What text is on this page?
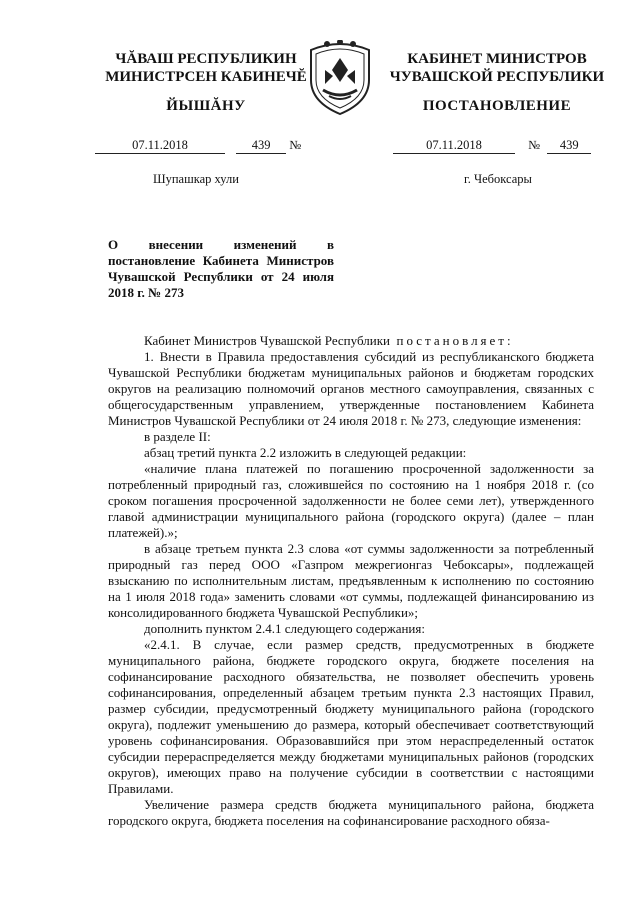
ЧĂВАШ РЕСПУБЛИКИН
МИНИСТРСЕН КАБИНЕЧĔ
ЙЫШĂНУ
КАБИНЕТ МИНИСТРОВ
ЧУВАШСКОЙ РЕСПУБЛИКИ
ПОСТАНОВЛЕНИЕ
07.11.2018	439 №	07.11.2018	№ 439
Шупашкар хули	г. Чебоксары
О внесении изменений в постановление Кабинета Министров Чувашской Республики от 24 июля 2018 г. № 273

Кабинет Министров Чувашской Республики постановляет:

1. Внести в Правила предоставления субсидий из республиканского бюджета Чувашской Республики бюджетам муниципальных районов и бюджетам городских округов на реализацию полномочий органов местного самоуправления, связанных с общегосударственным управлением, утвержденные постановлением Кабинета Министров Чувашской Республики от 24 июля 2018 г. № 273, следующие изменения:

в разделе II:

абзац третий пункта 2.2 изложить в следующей редакции:

«наличие плана платежей по погашению просроченной задолженности за потребленный природный газ, сложившейся по состоянию на 1 ноября 2018 г. (со сроком погашения просроченной задолженности не более семи лет), утвержденного главой администрации муниципального района (городского округа) (далее – план платежей).»;

в абзаце третьем пункта 2.3 слова «от суммы задолженности за потребленный природный газ перед ООО «Газпром межрегионгаз Чебоксары», подлежащей взысканию по исполнительным листам, предъявленным к исполнению по состоянию на 1 июля 2018 года» заменить словами «от суммы, подлежащей финансированию из консолидированного бюджета Чувашской Республики»;

дополнить пунктом 2.4.1 следующего содержания:

«2.4.1. В случае, если размер средств, предусмотренных в бюджете муниципального района, бюджете городского округа, бюджете поселения на софинансирование расходного обязательства, не позволяет обеспечить уровень софинансирования, определенный абзацем третьим пункта 2.3 настоящих Правил, размер субсидии, предусмотренный бюджету муниципального района (городского округа), подлежит уменьшению до размера, который обеспечивает соответствующий уровень софинансирования. Образовавшийся при этом нераспределенный остаток субсидии перераспределяется между бюджетами муниципальных районов (городских округов), имеющих право на получение субсидии в соответствии с настоящими Правилами.

Увеличение размера средств бюджета муниципального района, бюджета городского округа, бюджета поселения на софинансирование расходного обяза-
